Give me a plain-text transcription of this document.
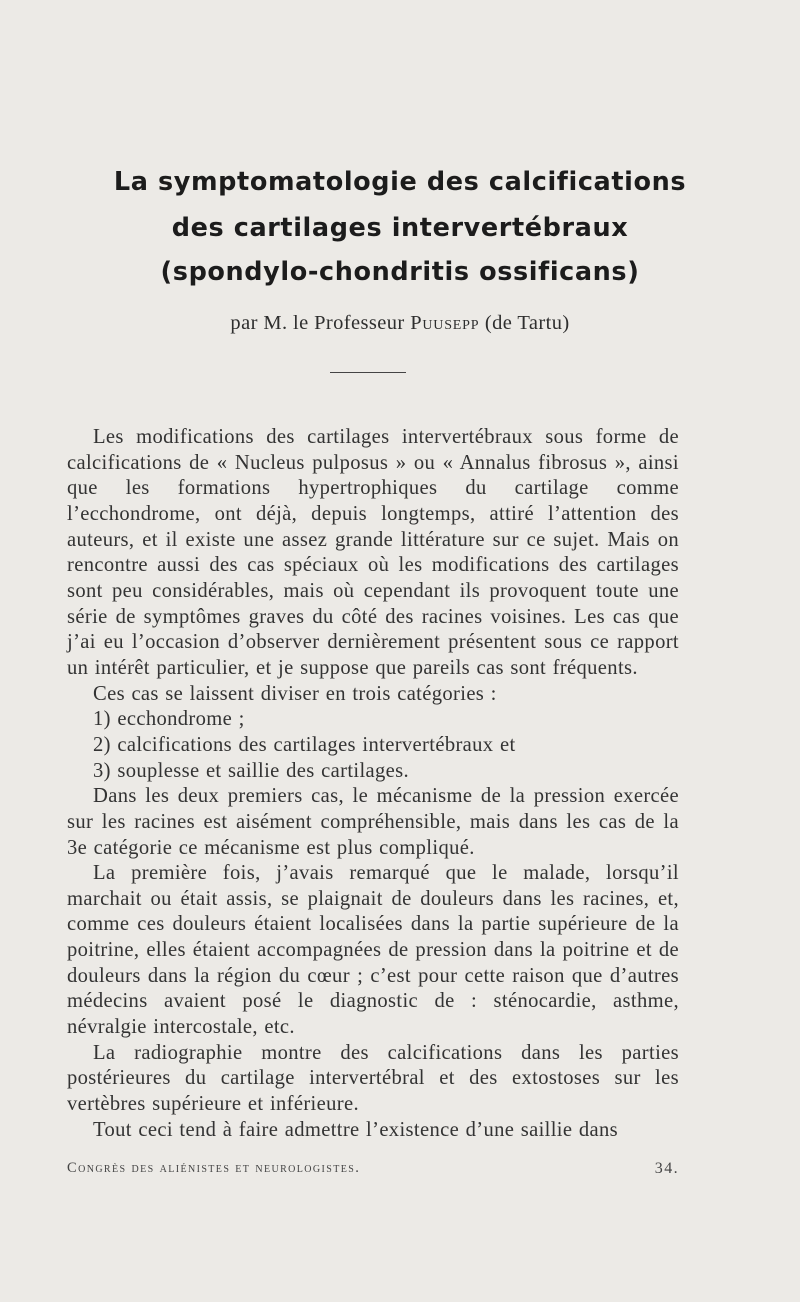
La symptomatologie des calcifications
des cartilages intervertébraux
(spondylo-chondritis ossificans)
par M. le Professeur Puusepp (de Tartu)

Les modifications des cartilages intervertébraux sous forme de calcifications de « Nucleus pulposus » ou « Annalus fibrosus », ainsi que les formations hypertrophiques du cartilage comme l’ecchondrome, ont déjà, depuis longtemps, attiré l’attention des auteurs, et il existe une assez grande littérature sur ce sujet. Mais on rencontre aussi des cas spéciaux où les modifications des cartilages sont peu considérables, mais où cependant ils provoquent toute une série de symptômes graves du côté des racines voisines. Les cas que j’ai eu l’occasion d’observer dernièrement présentent sous ce rapport un intérêt particulier, et je suppose que pareils cas sont fréquents.

Ces cas se laissent diviser en trois catégories :

1) ecchondrome ;

2) calcifications des cartilages intervertébraux et

3) souplesse et saillie des cartilages.

Dans les deux premiers cas, le mécanisme de la pression exercée sur les racines est aisément compréhensible, mais dans les cas de la 3e catégorie ce mécanisme est plus compliqué.

La première fois, j’avais remarqué que le malade, lorsqu’il marchait ou était assis, se plaignait de douleurs dans les racines, et, comme ces douleurs étaient localisées dans la partie supérieure de la poitrine, elles étaient accompagnées de pression dans la poitrine et de douleurs dans la région du cœur ; c’est pour cette raison que d’autres médecins avaient posé le diagnostic de : sténocardie, asthme, névralgie intercostale, etc.

La radiographie montre des calcifications dans les parties postérieures du cartilage intervertébral et des extostoses sur les vertèbres supérieure et inférieure.

Tout ceci tend à faire admettre l’existence d’une saillie dans

Congrès des aliénistes et neurologistes.	34.
